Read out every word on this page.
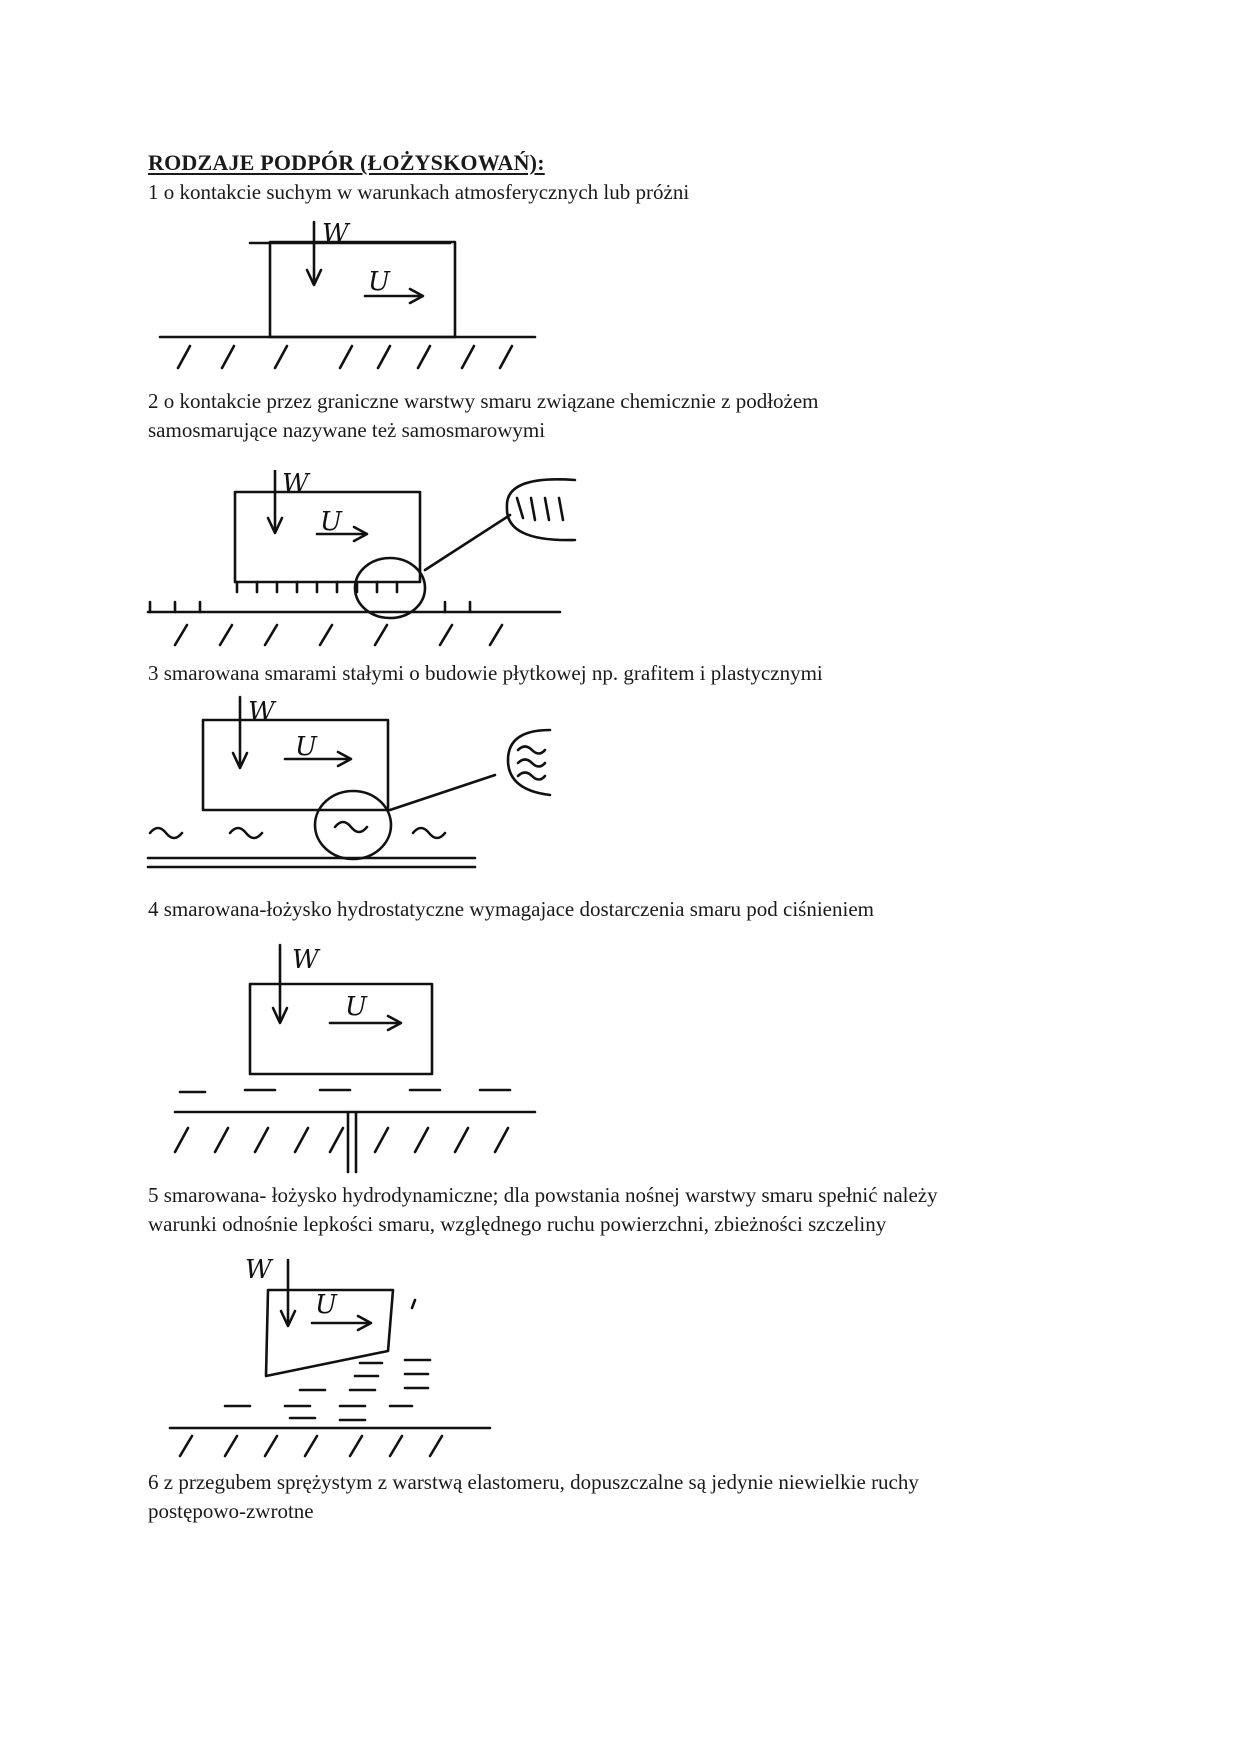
RODZAJE PODPÓR (ŁOŻYSKOWAŃ):
1 o kontakcie suchym w warunkach atmosferycznych lub próżni
W
U
2 o kontakcie przez graniczne warstwy smaru związane chemicznie z podłożem
samosmarujące nazywane też samosmarowymi
W
U
3 smarowana smarami stałymi o budowie płytkowej np. grafitem i plastycznymi
W
U
4 smarowana-łożysko hydrostatyczne wymagajace dostarczenia smaru pod ciśnieniem
W
U
5 smarowana- łożysko hydrodynamiczne; dla powstania nośnej warstwy smaru spełnić należy
warunki odnośnie lepkości smaru, względnego ruchu powierzchni, zbieżności szczeliny
W
U
6 z przegubem sprężystym z warstwą elastomeru, dopuszczalne są jedynie niewielkie ruchy
postępowo-zwrotne
